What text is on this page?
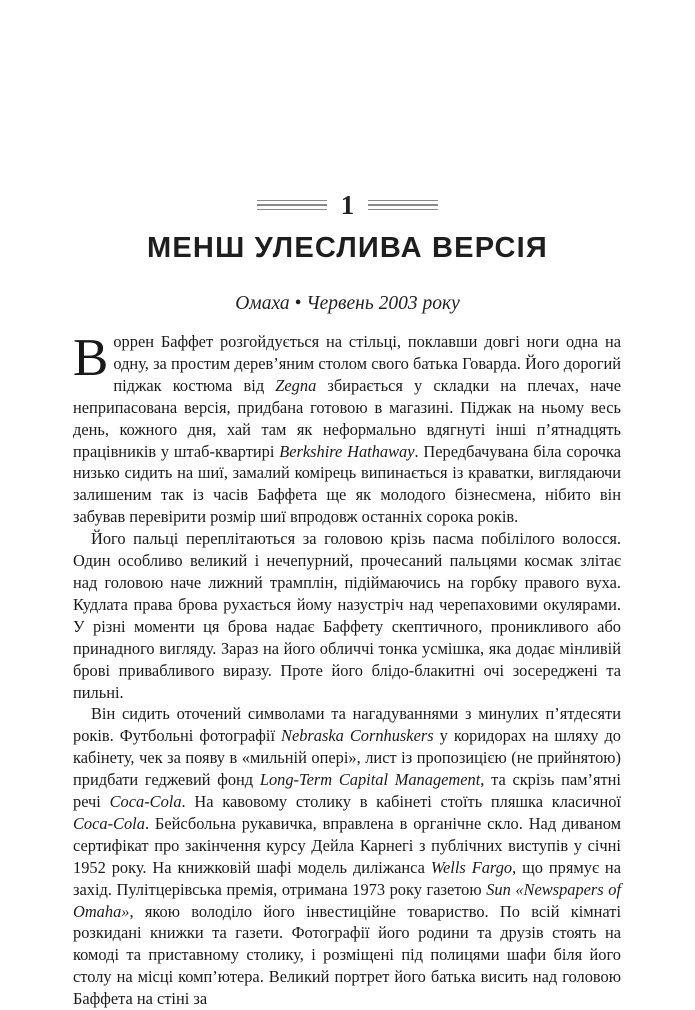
1
МЕНШ УЛЕСЛИВА ВЕРСІЯ
Омаха • Червень 2003 року

Воррен Баффет розгойдується на стільці, поклавши довгі ноги одна на одну, за простим дерев’яним столом свого батька Говарда. Його дорогий піджак костюма від Zegna збирається у складки на плечах, наче неприпасована версія, придбана готовою в магазині. Піджак на ньому весь день, кожного дня, хай там як неформально вдягнуті інші п’ятнадцять працівників у штаб-квартирі Berkshire Hathaway. Передбачувана біла сорочка низько сидить на шиї, замалий комірець випинається із краватки, виглядаючи залишеним так із часів Баффета ще як молодого бізнесмена, нібито він забував перевірити розмір шиї впродовж останніх сорока років.

Його пальці переплітаються за головою крізь пасма побілілого волосся. Один особливо великий і нечепурний, прочесаний пальцями космак злітає над головою наче лижний трамплін, підіймаючись на горбку правого вуха. Кудлата права брова рухається йому назустріч над черепаховими окулярами. У різні моменти ця брова надає Баффету скептичного, проникливого або принадного вигляду. Зараз на його обличчі тонка усмішка, яка додає мінливій брові привабливого виразу. Проте його блідо-блакитні очі зосереджені та пильні.

Він сидить оточений символами та нагадуваннями з минулих п’ятдесяти років. Футбольні фотографії Nebraska Cornhuskers у коридорах на шляху до кабінету, чек за появу в «мильній опері», лист із пропозицією (не прийнятою) придбати геджевий фонд Long-Term Capital Management, та скрізь пам’ятні речі Coca-Cola. На кавовому столику в кабінеті стоїть пляшка класичної Coca-Cola. Бейсбольна рукавичка, вправлена в органічне скло. Над диваном сертифікат про закінчення курсу Дейла Карнегі з публічних виступів у січні 1952 року. На книжковій шафі модель диліжанса Wells Fargo, що прямує на захід. Пулітцерівська премія, отримана 1973 року газетою Sun «Newspapers of Omaha», якою володіло його інвестиційне товариство. По всій кімнаті розкидані книжки та газети. Фотографії його родини та друзів стоять на комоді та приставному столику, і розміщені під полицями шафи біля його столу на місці комп’ютера. Великий портрет його батька висить над головою Баффета на стіні за
